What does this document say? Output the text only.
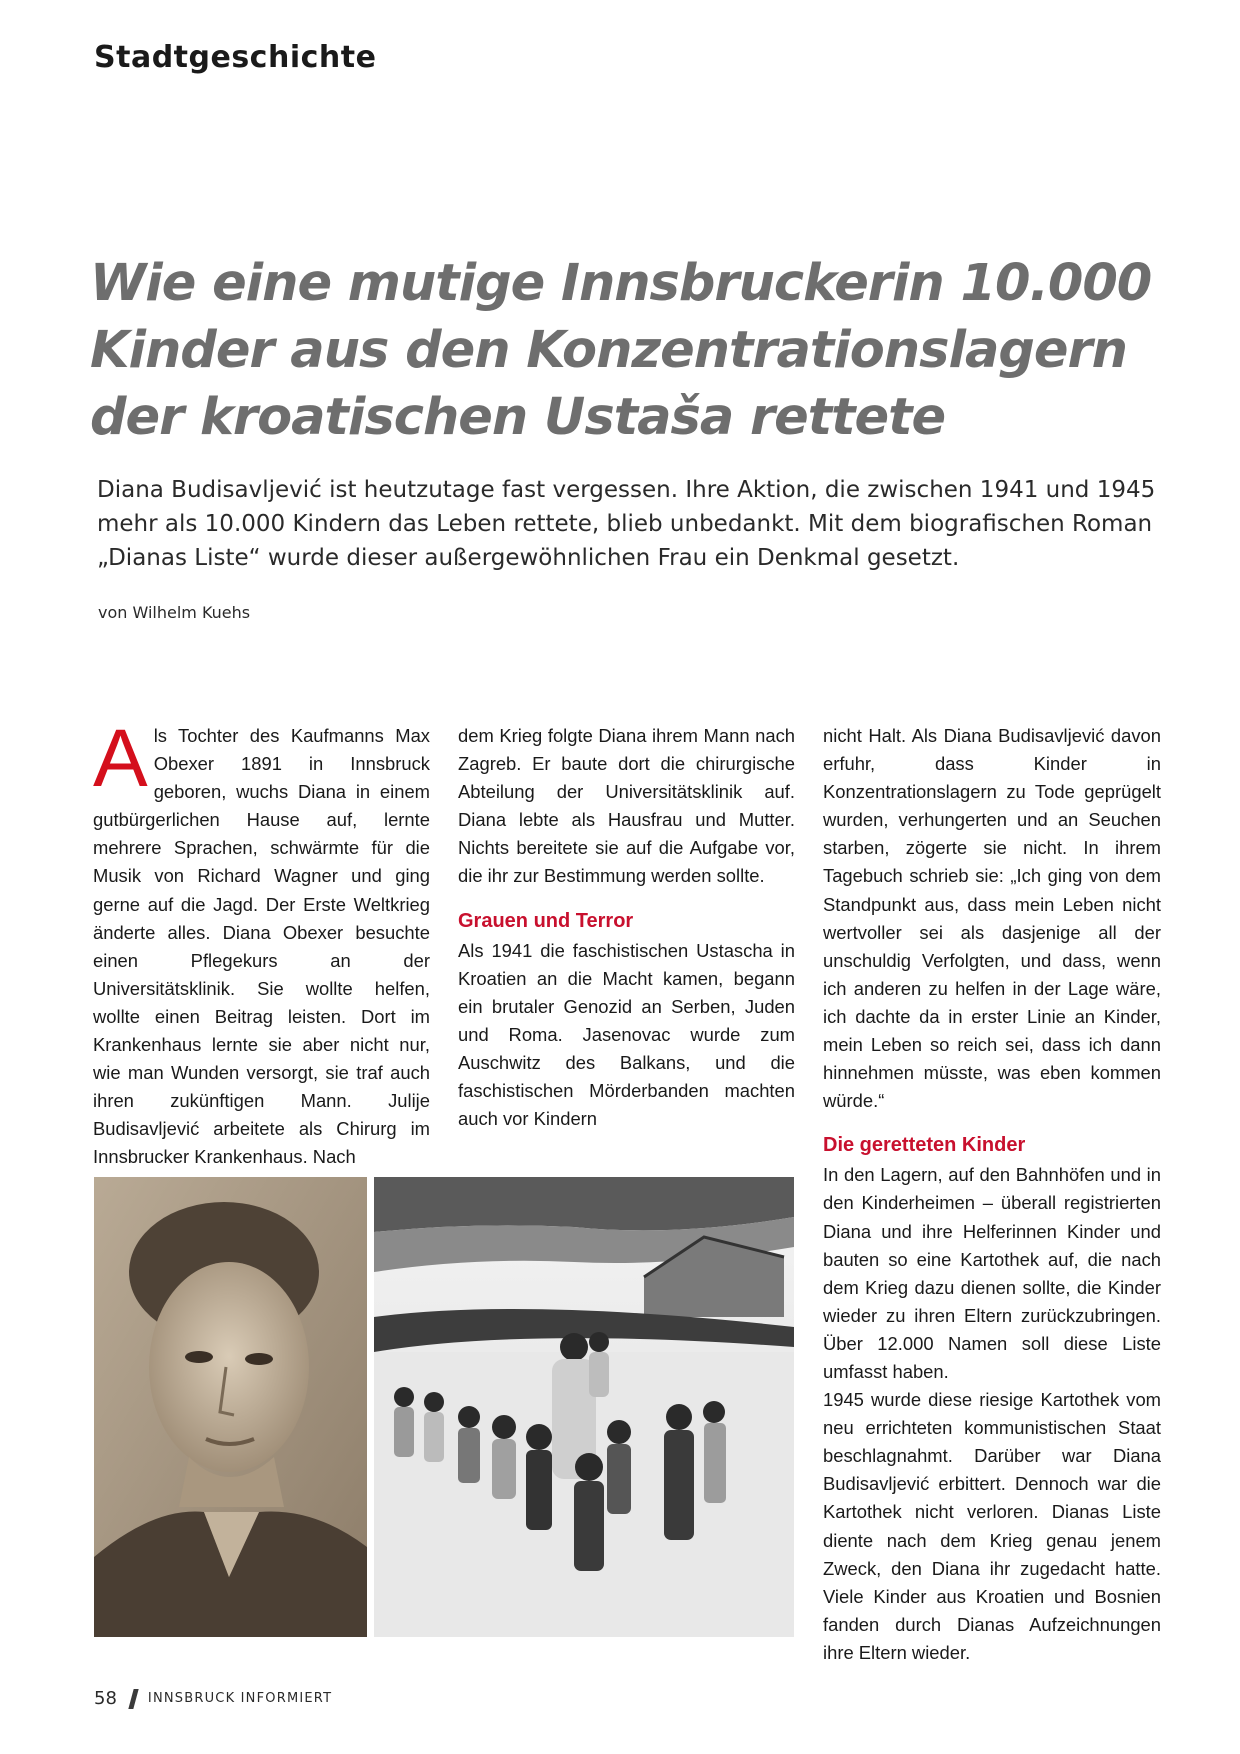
Stadtgeschichte
Wie eine mutige Innsbruckerin 10.000 Kinder aus den Konzentrationslagern der kroatischen Ustaša rettete

Diana Budisavljević ist heutzutage fast vergessen. Ihre Aktion, die zwischen 1941 und 1945 mehr als 10.000 Kindern das Leben rettete, blieb unbedankt. Mit dem biografischen Roman „Dianas Liste“ wurde dieser außergewöhnlichen Frau ein Denkmal gesetzt.

von Wilhelm Kuehs

Als Tochter des Kaufmanns Max Obexer 1891 in Innsbruck geboren, wuchs Diana in einem gutbürgerlichen Hause auf, lernte mehrere Sprachen, schwärmte für die Musik von Richard Wagner und ging gerne auf die Jagd. Der Erste Weltkrieg änderte alles. Diana Obexer besuchte einen Pflegekurs an der Universitätsklinik. Sie wollte helfen, wollte einen Beitrag leisten. Dort im Krankenhaus lernte sie aber nicht nur, wie man Wunden versorgt, sie traf auch ihren zukünftigen Mann. Julije Budisavljević arbeitete als Chirurg im Innsbrucker Krankenhaus. Nach

dem Krieg folgte Diana ihrem Mann nach Zagreb. Er baute dort die chirurgische Abteilung der Universitätsklinik auf. Diana lebte als Hausfrau und Mutter. Nichts bereitete sie auf die Aufgabe vor, die ihr zur Bestimmung werden sollte.

Grauen und Terror

Als 1941 die faschistischen Ustascha in Kroatien an die Macht kamen, begann ein brutaler Genozid an Serben, Juden und Roma. Jasenovac wurde zum Auschwitz des Balkans, und die faschistischen Mörderbanden machten auch vor Kindern

nicht Halt. Als Diana Budisavljević davon erfuhr, dass Kinder in Konzentrationslagern zu Tode geprügelt wurden, verhungerten und an Seuchen starben, zögerte sie nicht. In ihrem Tagebuch schrieb sie: „Ich ging von dem Standpunkt aus, dass mein Leben nicht wertvoller sei als dasjenige all der unschuldig Verfolgten, und dass, wenn ich anderen zu helfen in der Lage wäre, ich dachte da in erster Linie an Kinder, mein Leben so reich sei, dass ich dann hinnehmen müsste, was eben kommen würde.“

Die geretteten Kinder

In den Lagern, auf den Bahnhöfen und in den Kinderheimen – überall registrierten Diana und ihre Helferinnen Kinder und bauten so eine Kartothek auf, die nach dem Krieg dazu dienen sollte, die Kinder wieder zu ihren Eltern zurückzubringen. Über 12.000 Namen soll diese Liste umfasst haben.

1945 wurde diese riesige Kartothek vom neu errichteten kommunistischen Staat beschlagnahmt. Darüber war Diana Budisavljević erbittert. Dennoch war die Kartothek nicht verloren. Dianas Liste diente nach dem Krieg genau jenem Zweck, den Diana ihr zugedacht hatte. Viele Kinder aus Kroatien und Bosnien fanden durch Dianas Aufzeichnungen ihre Eltern wieder.

58 INNSBRUCK INFORMIERT
